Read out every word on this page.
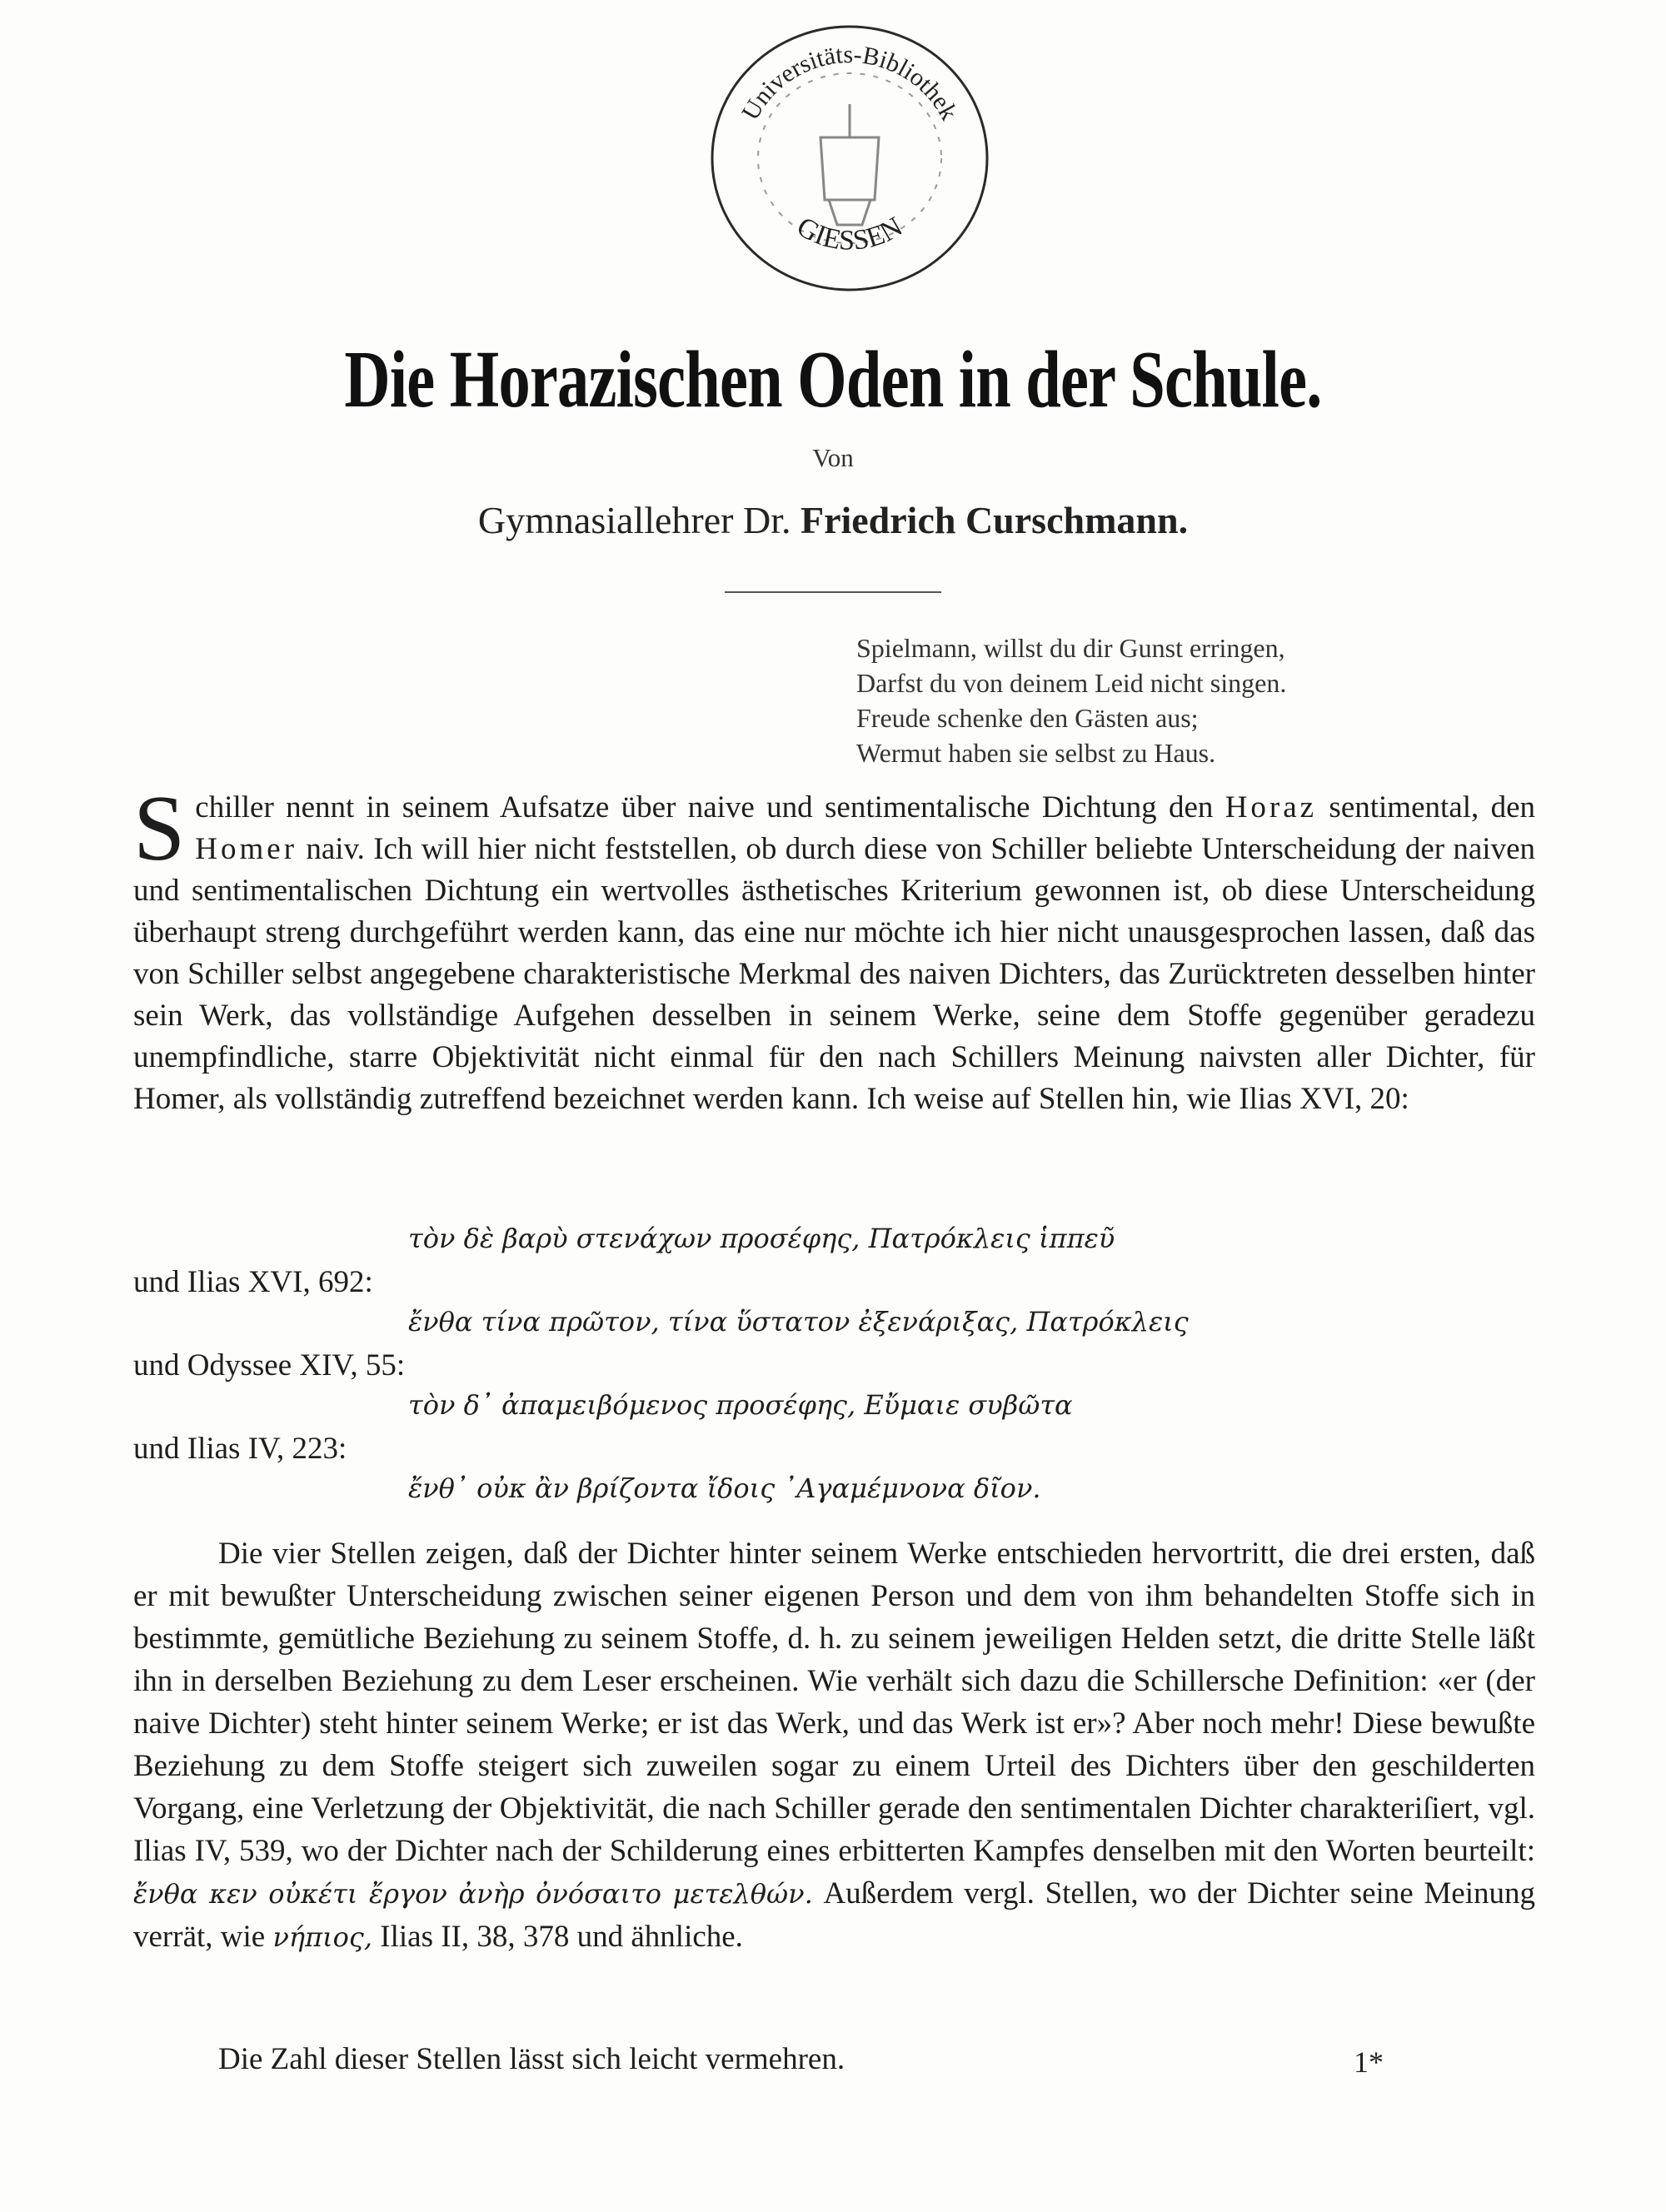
Universitäts-Bibliothek
GIESSEN
Die Horazischen Oden in der Schule.
Von
Gymnasiallehrer Dr. Friedrich Curschmann.
Spielmann, willst du dir Gunst erringen,
Darfst du von deinem Leid nicht singen.
Freude schenke den Gästen aus;
Wermut haben sie selbst zu Haus.
S chiller nennt in seinem Aufsatze über naive und sentimentalische Dichtung den Horaz sentimental, den Homer naiv. Ich will hier nicht feststellen, ob durch diese von Schiller beliebte Unterscheidung der naiven und sentimentalischen Dichtung ein wertvolles ästhetisches Kriterium gewonnen ist, ob diese Unterscheidung überhaupt streng durchgeführt werden kann, das eine nur möchte ich hier nicht unausgesprochen lassen, daß das von Schiller selbst angegebene charakteristische Merkmal des naiven Dichters, das Zurücktreten desselben hinter sein Werk, das vollständige Aufgehen desselben in seinem Werke, seine dem Stoffe gegenüber geradezu unempfindliche, starre Objektivität nicht einmal für den nach Schillers Meinung naivsten aller Dichter, für Homer, als vollständig zutreffend bezeichnet werden kann. Ich weise auf Stellen hin, wie Ilias XVI, 20:
τὸν δὲ βαρὺ στενάχων προσέφης, Πατρόκλεις ἱππεῦ
und Ilias XVI, 692:
ἔνθα τίνα πρῶτον, τίνα ὕστατον ἐξενάριξας, Πατρόκλεις
und Odyssee XIV, 55:
τὸν δ᾽ ἀπαμειβόμενος προσέφης, Εὔμαιε συβῶτα
und Ilias IV, 223:
ἔνθ᾽ οὐκ ἂν βρίζοντα ἴδοις ᾽Αγαμέμνονα δῖον.
Die vier Stellen zeigen, daß der Dichter hinter seinem Werke entschieden hervortritt, die drei ersten, daß er mit bewußter Unterscheidung zwischen seiner eigenen Person und dem von ihm behandelten Stoffe sich in bestimmte, gemütliche Beziehung zu seinem Stoffe, d. h. zu seinem jeweiligen Helden setzt, die dritte Stelle läßt ihn in derselben Beziehung zu dem Leser erscheinen. Wie verhält sich dazu die Schillersche Definition: «er (der naive Dichter) steht hinter seinem Werke; er ist das Werk, und das Werk ist er»? Aber noch mehr! Diese bewußte Beziehung zu dem Stoffe steigert sich zuweilen sogar zu einem Urteil des Dichters über den geschilderten Vorgang, eine Verletzung der Objektivität, die nach Schiller gerade den sentimentalen Dichter charakteriſiert, vgl. Ilias IV, 539, wo der Dichter nach der Schilderung eines erbitterten Kampfes denselben mit den Worten beurteilt: ἔνθα κεν οὐκέτι ἔργον ἀνὴρ ὀνόσαιτο μετελθών. Außerdem vergl. Stellen, wo der Dichter seine Meinung verrät, wie νήπιος, Ilias II, 38, 378 und ähnliche.
Die Zahl dieser Stellen lässt sich leicht vermehren.	1*
